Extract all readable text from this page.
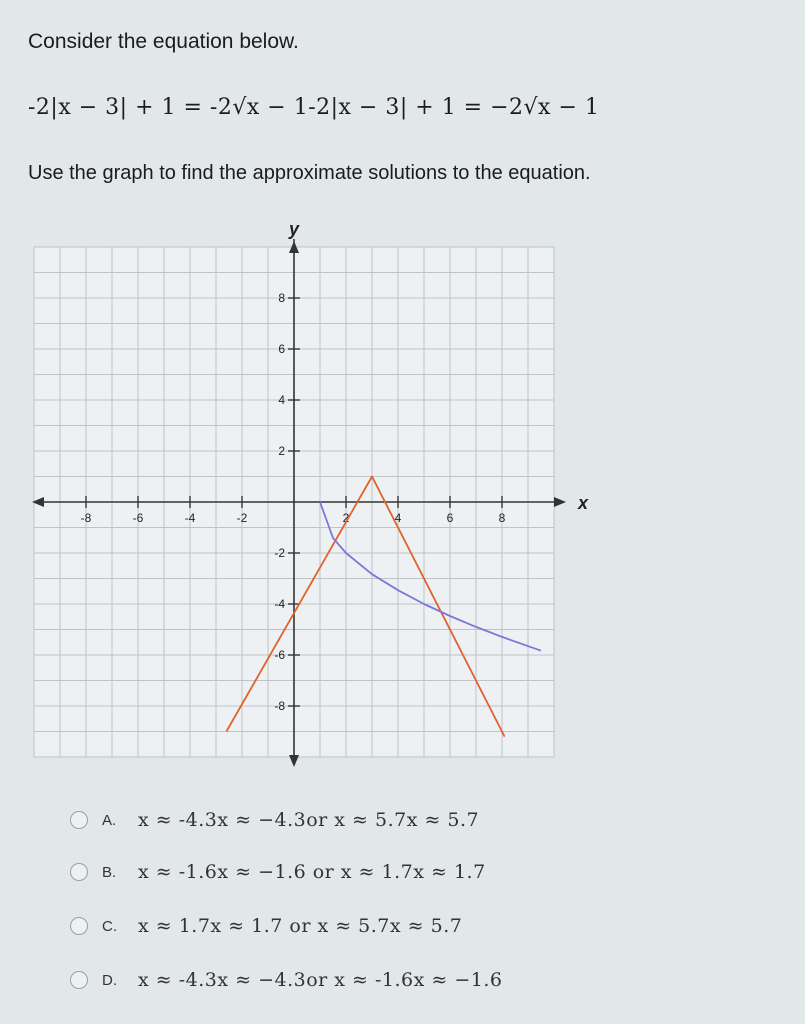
Consider the equation below.
-2|x − 3| + 1 = -2√x − 1-2|x − 3| + 1 = −2√x − 1
Use the graph to find the approximate solutions to the equation.
x
y
-8	-6	-4	-2	2	4	6	8
8
6
4
2
-2
-4
-6
-8
A.	x ≈ -4.3x ≈ −4.3or x ≈ 5.7x ≈ 5.7
B.	x ≈ -1.6x ≈ −1.6 or x ≈ 1.7x ≈ 1.7
C.	x ≈ 1.7x ≈ 1.7 or x ≈ 5.7x ≈ 5.7
D.	x ≈ -4.3x ≈ −4.3or x ≈ -1.6x ≈ −1.6
